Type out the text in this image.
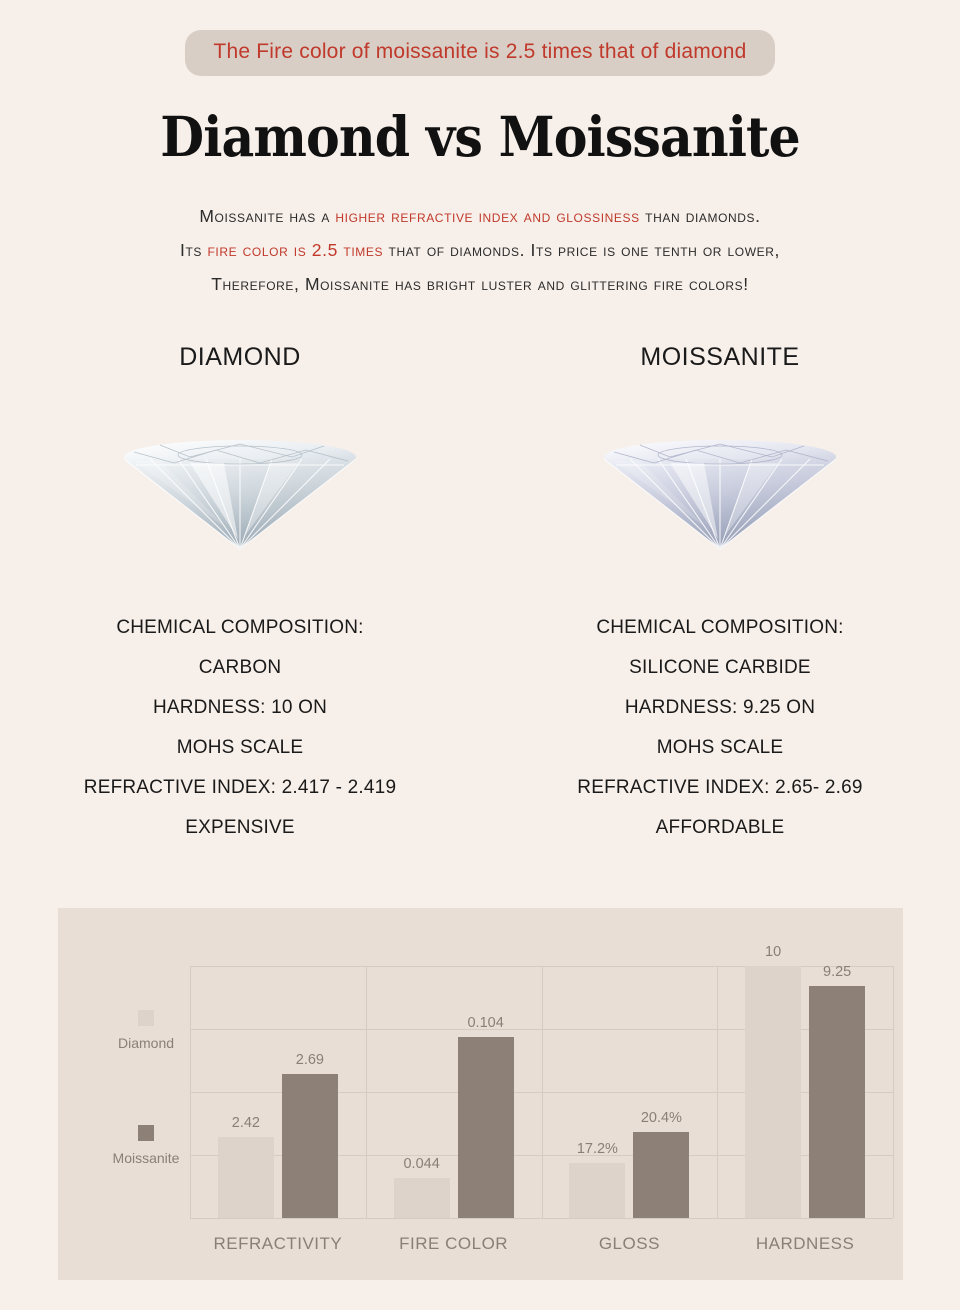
The Fire color of moissanite is 2.5 times that of diamond
Diamond vs Moissanite
Moissanite has a higher refractive index and glossiness than diamonds.
Its fire color is 2.5 times that of diamonds. Its price is one tenth or lower,
Therefore, Moissanite has bright luster and glittering fire colors!
DIAMOND
CHEMICAL COMPOSITION:
CARBON
HARDNESS: 10 ON
MOHS SCALE
REFRACTIVE INDEX: 2.417 - 2.419
EXPENSIVE
MOISSANITE
CHEMICAL COMPOSITION:
SILICONE CARBIDE
HARDNESS: 9.25 ON
MOHS SCALE
REFRACTIVE INDEX: 2.65- 2.69
AFFORDABLE
Diamond
Moissanite
2.42
2.69
0.044
0.104
17.2%
20.4%
10
9.25
REFRACTIVITY	FIRE COLOR	GLOSS	HARDNESS
